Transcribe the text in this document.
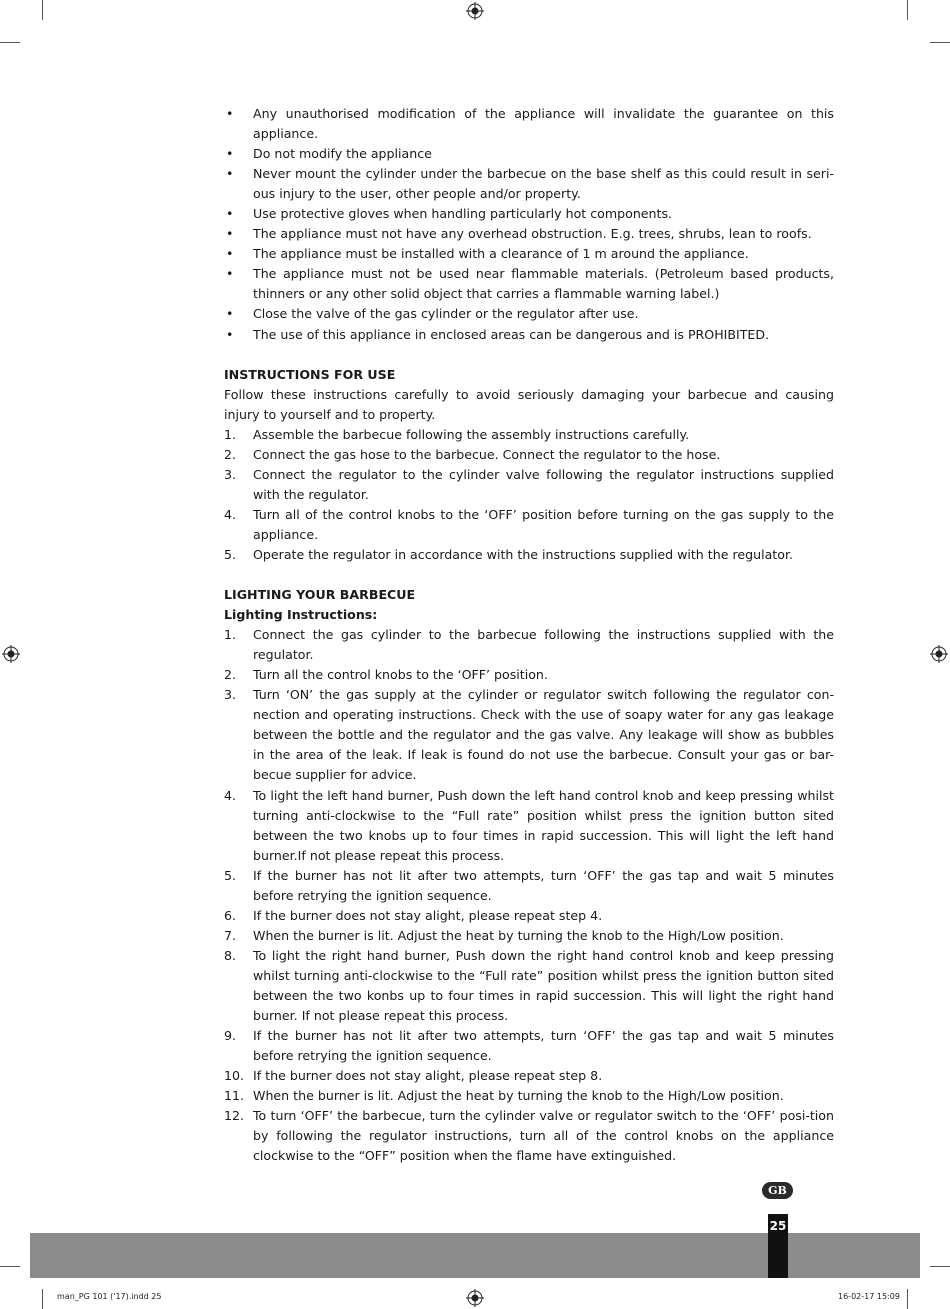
• Any unauthorised modification of the appliance will invalidate the guarantee on this appliance.
• Do not modify the appliance
• Never mount the cylinder under the barbecue on the base shelf as this could result in seri-ous injury to the user, other people and/or property.
• Use protective gloves when handling particularly hot components.
• The appliance must not have any overhead obstruction. E.g. trees, shrubs, lean to roofs.
• The appliance must be installed with a clearance of 1 m around the appliance.
• The appliance must not be used near flammable materials. (Petroleum based products, thinners or any other solid object that carries a flammable warning label.)
• Close the valve of the gas cylinder or the regulator after use.
• The use of this appliance in enclosed areas can be dangerous and is PROHIBITED.
INSTRUCTIONS FOR USE

Follow these instructions carefully to avoid seriously damaging your barbecue and causing injury to yourself and to property.

1. Assemble the barbecue following the assembly instructions carefully.
2. Connect the gas hose to the barbecue. Connect the regulator to the hose.
3. Connect the regulator to the cylinder valve following the regulator instructions supplied with the regulator.
4. Turn all of the control knobs to the ‘OFF’ position before turning on the gas supply to the appliance.
5. Operate the regulator in accordance with the instructions supplied with the regulator.
LIGHTING YOUR BARBECUE
Lighting Instructions:
1. Connect the gas cylinder to the barbecue following the instructions supplied with the regulator.
2. Turn all the control knobs to the ‘OFF’ position.
3. Turn ‘ON’ the gas supply at the cylinder or regulator switch following the regulator con-nection and operating instructions. Check with the use of soapy water for any gas leakage between the bottle and the regulator and the gas valve. Any leakage will show as bubbles in the area of the leak. If leak is found do not use the barbecue. Consult your gas or bar-becue supplier for advice.
4. To light the left hand burner, Push down the left hand control knob and keep pressing whilst turning anti-clockwise to the “Full rate” position whilst press the ignition button sited between the two knobs up to four times in rapid succession. This will light the left hand burner.If not please repeat this process.
5. If the burner has not lit after two attempts, turn ‘OFF’ the gas tap and wait 5 minutes before retrying the ignition sequence.
6. If the burner does not stay alight, please repeat step 4.
7. When the burner is lit. Adjust the heat by turning the knob to the High/Low position.
8. To light the right hand burner, Push down the right hand control knob and keep pressing whilst turning anti-clockwise to the “Full rate” position whilst press the ignition button sited between the two konbs up to four times in rapid succession. This will light the right hand burner. If not please repeat this process.
9. If the burner has not lit after two attempts, turn ‘OFF’ the gas tap and wait 5 minutes before retrying the ignition sequence.
10. If the burner does not stay alight, please repeat step 8.
11. When the burner is lit. Adjust the heat by turning the knob to the High/Low position.
12. To turn ‘OFF’ the barbecue, turn the cylinder valve or regulator switch to the ‘OFF’ posi-tion by following the regulator instructions, turn all of the control knobs on the appliance clockwise to the “OFF” position when the flame have extinguished.
GB
25
man_PG 101 ('17).indd 25	16-02-17 15:09
